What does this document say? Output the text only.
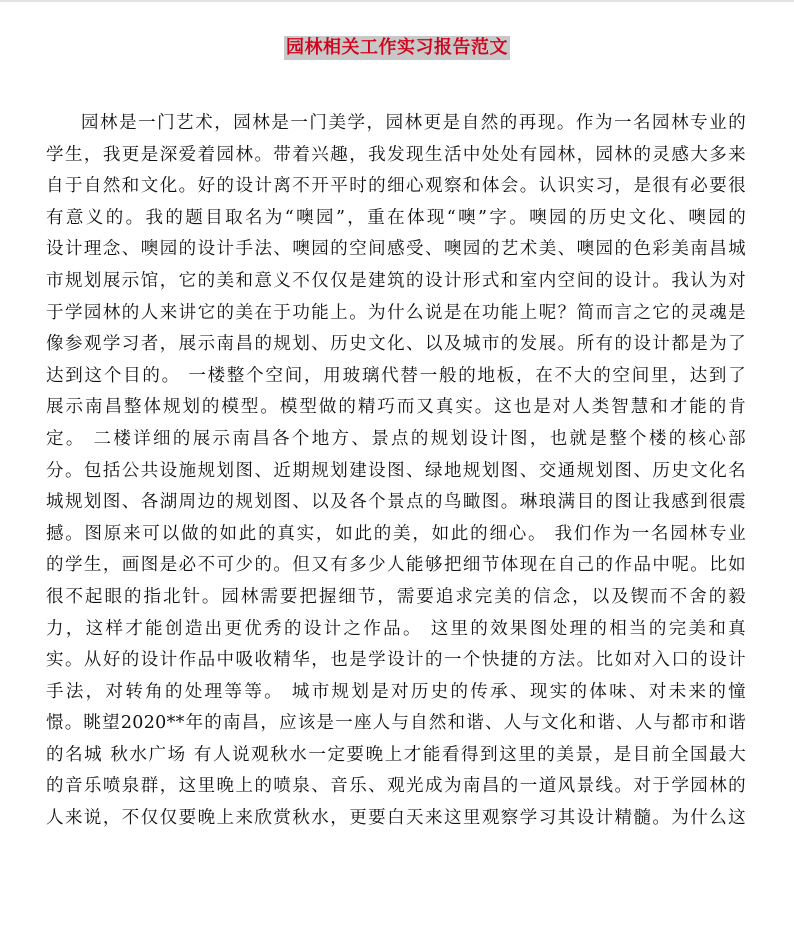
园林相关工作实习报告范文
园林是一门艺术，园林是一门美学，园林更是自然的再现。作为一名园林专业的
学生，我更是深爱着园林。带着兴趣，我发现生活中处处有园林，园林的灵感大多来
自于自然和文化。好的设计离不开平时的细心观察和体会。认识实习，是很有必要很
有意义的。我的题目取名为“噢园”，重在体现“噢”字。噢园的历史文化、噢园的
设计理念、噢园的设计手法、噢园的空间感受、噢园的艺术美、噢园的色彩美南昌城
市规划展示馆，它的美和意义不仅仅是建筑的设计形式和室内空间的设计。我认为对
于学园林的人来讲它的美在于功能上。为什么说是在功能上呢？简而言之它的灵魂是
像参观学习者，展示南昌的规划、历史文化、以及城市的发展。所有的设计都是为了
达到这个目的。 一楼整个空间，用玻璃代替一般的地板，在不大的空间里，达到了
展示南昌整体规划的模型。模型做的精巧而又真实。这也是对人类智慧和才能的肯
定。 二楼详细的展示南昌各个地方、景点的规划设计图，也就是整个楼的核心部
分。包括公共设施规划图、近期规划建设图、绿地规划图、交通规划图、历史文化名
城规划图、各湖周边的规划图、以及各个景点的鸟瞰图。琳琅满目的图让我感到很震
撼。图原来可以做的如此的真实，如此的美，如此的细心。 我们作为一名园林专业
的学生，画图是必不可少的。但又有多少人能够把细节体现在自己的作品中呢。比如
很不起眼的指北针。园林需要把握细节，需要追求完美的信念，以及锲而不舍的毅
力，这样才能创造出更优秀的设计之作品。 这里的效果图处理的相当的完美和真
实。从好的设计作品中吸收精华，也是学设计的一个快捷的方法。比如对入口的设计
手法，对转角的处理等等。 城市规划是对历史的传承、现实的体味、对未来的憧
憬。眺望2020**年的南昌，应该是一座人与自然和谐、人与文化和谐、人与都市和谐
的名城 秋水广场 有人说观秋水一定要晚上才能看得到这里的美景，是目前全国最大
的音乐喷泉群，这里晚上的喷泉、音乐、观光成为南昌的一道风景线。对于学园林的
人来说，不仅仅要晚上来欣赏秋水，更要白天来这里观察学习其设计精髓。为什么这
